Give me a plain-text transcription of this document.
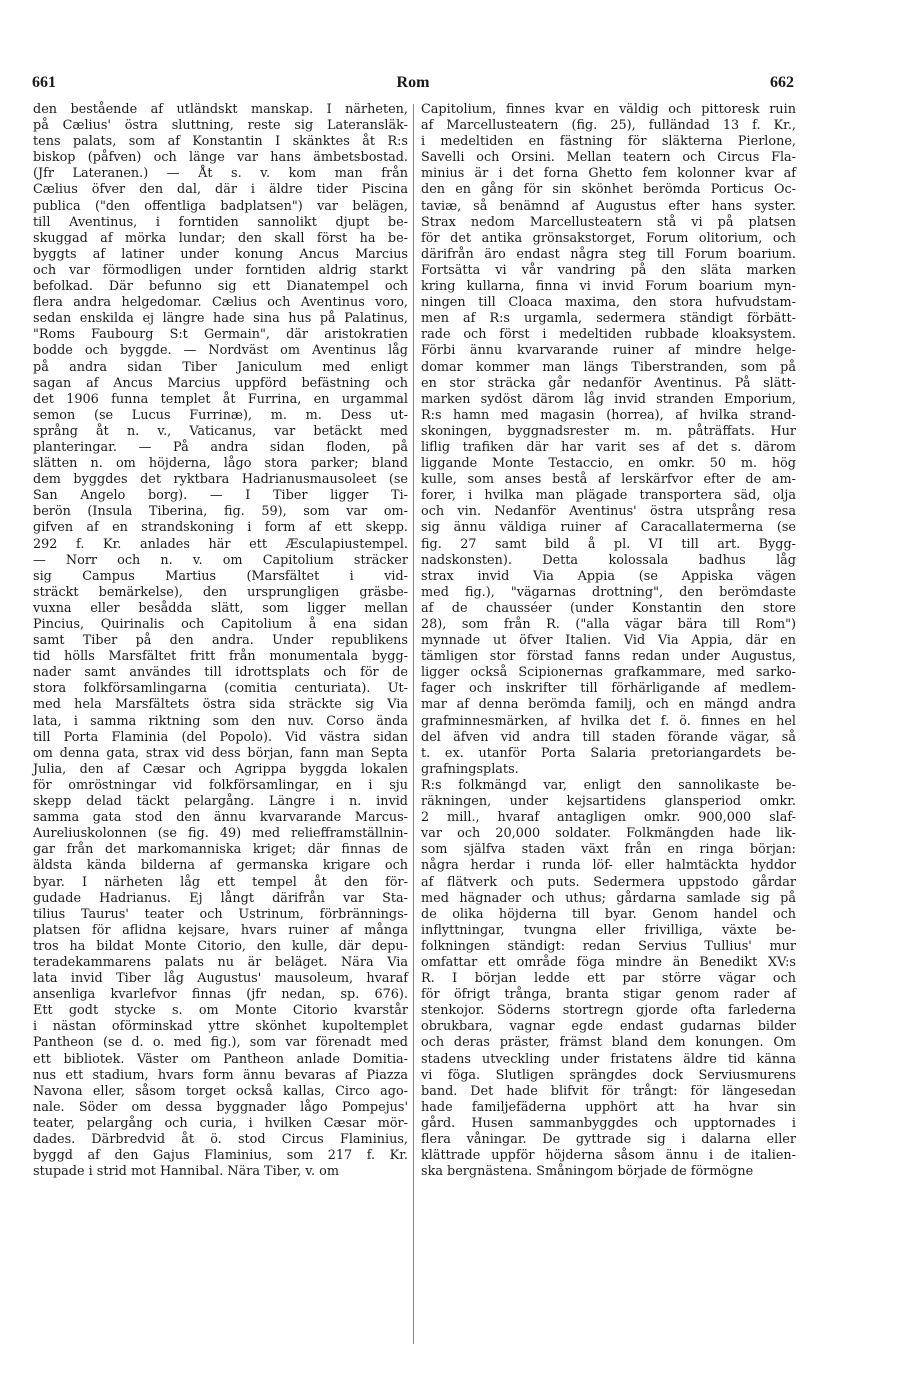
661	Rom	662
den bestående af utländskt manskap. I närheten,
på Cælius' östra sluttning, reste sig Lateransläk-
tens palats, som af Konstantin I skänktes åt R:s
biskop (påfven) och länge var hans ämbetsbostad.
(Jfr Lateranen.) — Åt s. v. kom man från
Cælius öfver den dal, där i äldre tider Piscina
publica ("den offentliga badplatsen") var belägen,
till Aventinus, i forntiden sannolikt djupt be-
skuggad af mörka lundar; den skall först ha be-
byggts af latiner under konung Ancus Marcius
och var förmodligen under forntiden aldrig starkt
befolkad. Där befunno sig ett Dianatempel och
flera andra helgedomar. Cælius och Aventinus voro,
sedan enskilda ej längre hade sina hus på Palatinus,
"Roms Faubourg S:t Germain", där aristokratien
bodde och byggde. — Nordväst om Aventinus låg
på andra sidan Tiber Janiculum med enligt
sagan af Ancus Marcius uppförd befästning och
det 1906 funna templet åt Furrina, en urgammal
semon (se Lucus Furrinæ), m. m. Dess ut-
språng åt n. v., Vaticanus, var betäckt med
planteringar. — På andra sidan floden, på
slätten n. om höjderna, lågo stora parker; bland
dem byggdes det ryktbara Hadrianusmausoleet (se
San Angelo borg). — I Tiber ligger Ti-
berön (Insula Tiberina, fig. 59), som var om-
gifven af en strandskoning i form af ett skepp.
292 f. Kr. anlades här ett Æsculapiustempel.
— Norr och n. v. om Capitolium sträcker
sig Campus Martius (Marsfältet i vid-
sträckt bemärkelse), den ursprungligen gräsbe-
vuxna eller besådda slätt, som ligger mellan
Pincius, Quirinalis och Capitolium å ena sidan
samt Tiber på den andra. Under republikens
tid hölls Marsfältet fritt från monumentala bygg-
nader samt användes till idrottsplats och för de
stora folkförsamlingarna (comitia centuriata). Ut-
med hela Marsfältets östra sida sträckte sig Via
lata, i samma riktning som den nuv. Corso ända
till Porta Flaminia (del Popolo). Vid västra sidan
om denna gata, strax vid dess början, fann man Septa
Julia, den af Cæsar och Agrippa byggda lokalen
för omröstningar vid folkförsamlingar, en i sju
skepp delad täckt pelargång. Längre i n. invid
samma gata stod den ännu kvarvarande Marcus-
Aureliuskolonnen (se fig. 49) med reliefframställnin-
gar från det markomanniska kriget; där finnas de
äldsta kända bilderna af germanska krigare och
byar. I närheten låg ett tempel åt den för-
gudade Hadrianus. Ej långt därifrån var Sta-
tilius Taurus' teater och Ustrinum, förbrännings-
platsen för aflidna kejsare, hvars ruiner af många
tros ha bildat Monte Citorio, den kulle, där depu-
teradekammarens palats nu är beläget. Nära Via
lata invid Tiber låg Augustus' mausoleum, hvaraf
ansenliga kvarlefvor finnas (jfr nedan, sp. 676).
Ett godt stycke s. om Monte Citorio kvarstår
i nästan oförminskad yttre skönhet kupoltemplet
Pantheon (se d. o. med fig.), som var förenadt med
ett bibliotek. Väster om Pantheon anlade Domitia-
nus ett stadium, hvars form ännu bevaras af Piazza
Navona eller, såsom torget också kallas, Circo ago-
nale. Söder om dessa byggnader lågo Pompejus'
teater, pelargång och curia, i hvilken Cæsar mör-
dades. Därbredvid åt ö. stod Circus Flaminius,
byggd af den Gajus Flaminius, som 217 f. Kr.
stupade i strid mot Hannibal. Nära Tiber, v. om
Capitolium, finnes kvar en väldig och pittoresk ruin
af Marcellusteatern (fig. 25), fulländad 13 f. Kr.,
i medeltiden en fästning för släkterna Pierlone,
Savelli och Orsini. Mellan teatern och Circus Fla-
minius är i det forna Ghetto fem kolonner kvar af
den en gång för sin skönhet berömda Porticus Oc-
taviæ, så benämnd af Augustus efter hans syster.
Strax nedom Marcellusteatern stå vi på platsen
för det antika grönsakstorget, Forum olitorium, och
därifrån äro endast några steg till Forum boarium.
Fortsätta vi vår vandring på den släta marken
kring kullarna, finna vi invid Forum boarium myn-
ningen till Cloaca maxima, den stora hufvudstam-
men af R:s urgamla, sedermera ständigt förbätt-
rade och först i medeltiden rubbade kloaksystem.
Förbi ännu kvarvarande ruiner af mindre helge-
domar kommer man längs Tiberstranden, som på
en stor sträcka går nedanför Aventinus. På slätt-
marken sydöst därom låg invid stranden Emporium,
R:s hamn med magasin (horrea), af hvilka strand-
skoningen, byggnadsrester m. m. påträffats. Hur
liflig trafiken där har varit ses af det s. därom
liggande Monte Testaccio, en omkr. 50 m. hög
kulle, som anses bestå af lerskärfvor efter de am-
forer, i hvilka man plägade transportera säd, olja
och vin. Nedanför Aventinus' östra utsprång resa
sig ännu väldiga ruiner af Caracallatermerna (se
fig. 27 samt bild å pl. VI till art. Bygg-
nadskonsten). Detta kolossala badhus låg
strax invid Via Appia (se Appiska vägen
med fig.), "vägarnas drottning", den berömdaste
af de chausséer (under Konstantin den store
28), som från R. ("alla vägar bära till Rom")
mynnade ut öfver Italien. Vid Via Appia, där en
tämligen stor förstad fanns redan under Augustus,
ligger också Scipionernas grafkammare, med sarko-
fager och inskrifter till förhärligande af medlem-
mar af denna berömda familj, och en mängd andra
grafminnesmärken, af hvilka det f. ö. finnes en hel
del äfven vid andra till staden förande vägar, så
t. ex. utanför Porta Salaria pretoriangardets be-
grafningsplats.
R:s folkmängd var, enligt den sannolikaste be-
räkningen, under kejsartidens glansperiod omkr.
2 mill., hvaraf antagligen omkr. 900,000 slaf-
var och 20,000 soldater. Folkmängden hade lik-
som själfva staden växt från en ringa början:
några herdar i runda löf- eller halmtäckta hyddor
af flätverk och puts. Sedermera uppstodo gårdar
med hägnader och uthus; gårdarna samlade sig på
de olika höjderna till byar. Genom handel och
inflyttningar, tvungna eller frivilliga, växte be-
folkningen ständigt: redan Servius Tullius' mur
omfattar ett område föga mindre än Benedikt XV:s
R. I början ledde ett par större vägar och
för öfrigt trånga, branta stigar genom rader af
stenkojor. Söderns stortregn gjorde ofta farlederna
obrukbara, vagnar egde endast gudarnas bilder
och deras präster, främst bland dem konungen. Om
stadens utveckling under fristatens äldre tid känna
vi föga. Slutligen sprängdes dock Serviusmurens
band. Det hade blifvit för trångt: för längesedan
hade familjefäderna upphört att ha hvar sin
gård. Husen sammanbyggdes och upptornades i
flera våningar. De gyttrade sig i dalarna eller
klättrade uppför höjderna såsom ännu i de italien-
ska bergnästena. Småningom började de förmögne
